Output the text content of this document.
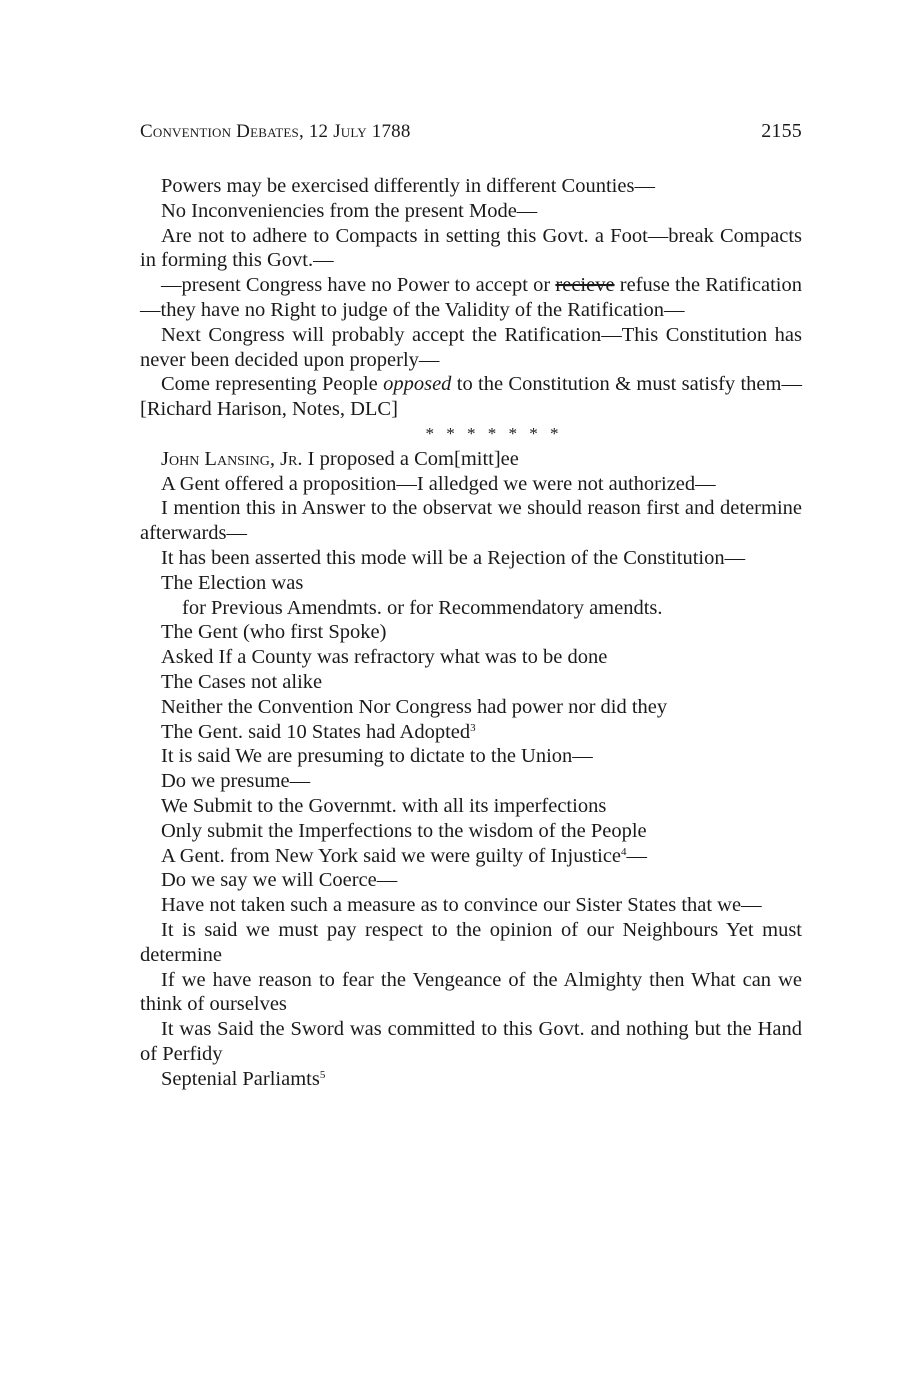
Convention Debates, 12 July 1788	2155

Powers may be exercised differently in different Counties—

No Inconveniencies from the present Mode—

Are not to adhere to Compacts in setting this Govt. a Foot—break Compacts in forming this Govt.—

—present Congress have no Power to accept or recieve refuse the Ratification—they have no Right to judge of the Validity of the Ratification—

Next Congress will probably accept the Ratification—This Constitution has never been decided upon properly—

Come representing People opposed to the Constitution & must satisfy them— [Richard Harison, Notes, DLC]

* * * * * * *

John Lansing, Jr. I proposed a Com[mitt]ee

A Gent offered a proposition—I alledged we were not authorized—

I mention this in Answer to the observat we should reason first and determine afterwards—

It has been asserted this mode will be a Rejection of the Constitution—

The Election was

for Previous Amendmts. or for Recommendatory amendts.

The Gent (who first Spoke)

Asked If a County was refractory what was to be done

The Cases not alike

Neither the Convention Nor Congress had power nor did they

The Gent. said 10 States had Adopted$^3$

It is said We are presuming to dictate to the Union—

Do we presume—

We Submit to the Governmt. with all its imperfections

Only submit the Imperfections to the wisdom of the People

A Gent. from New York said we were guilty of Injustice$^4$—

Do we say we will Coerce—

Have not taken such a measure as to convince our Sister States that we—

It is said we must pay respect to the opinion of our Neighbours Yet must determine

If we have reason to fear the Vengeance of the Almighty then What can we think of ourselves

It was Said the Sword was committed to this Govt. and nothing but the Hand of Perfidy

Septenial Parliamts$^5$
